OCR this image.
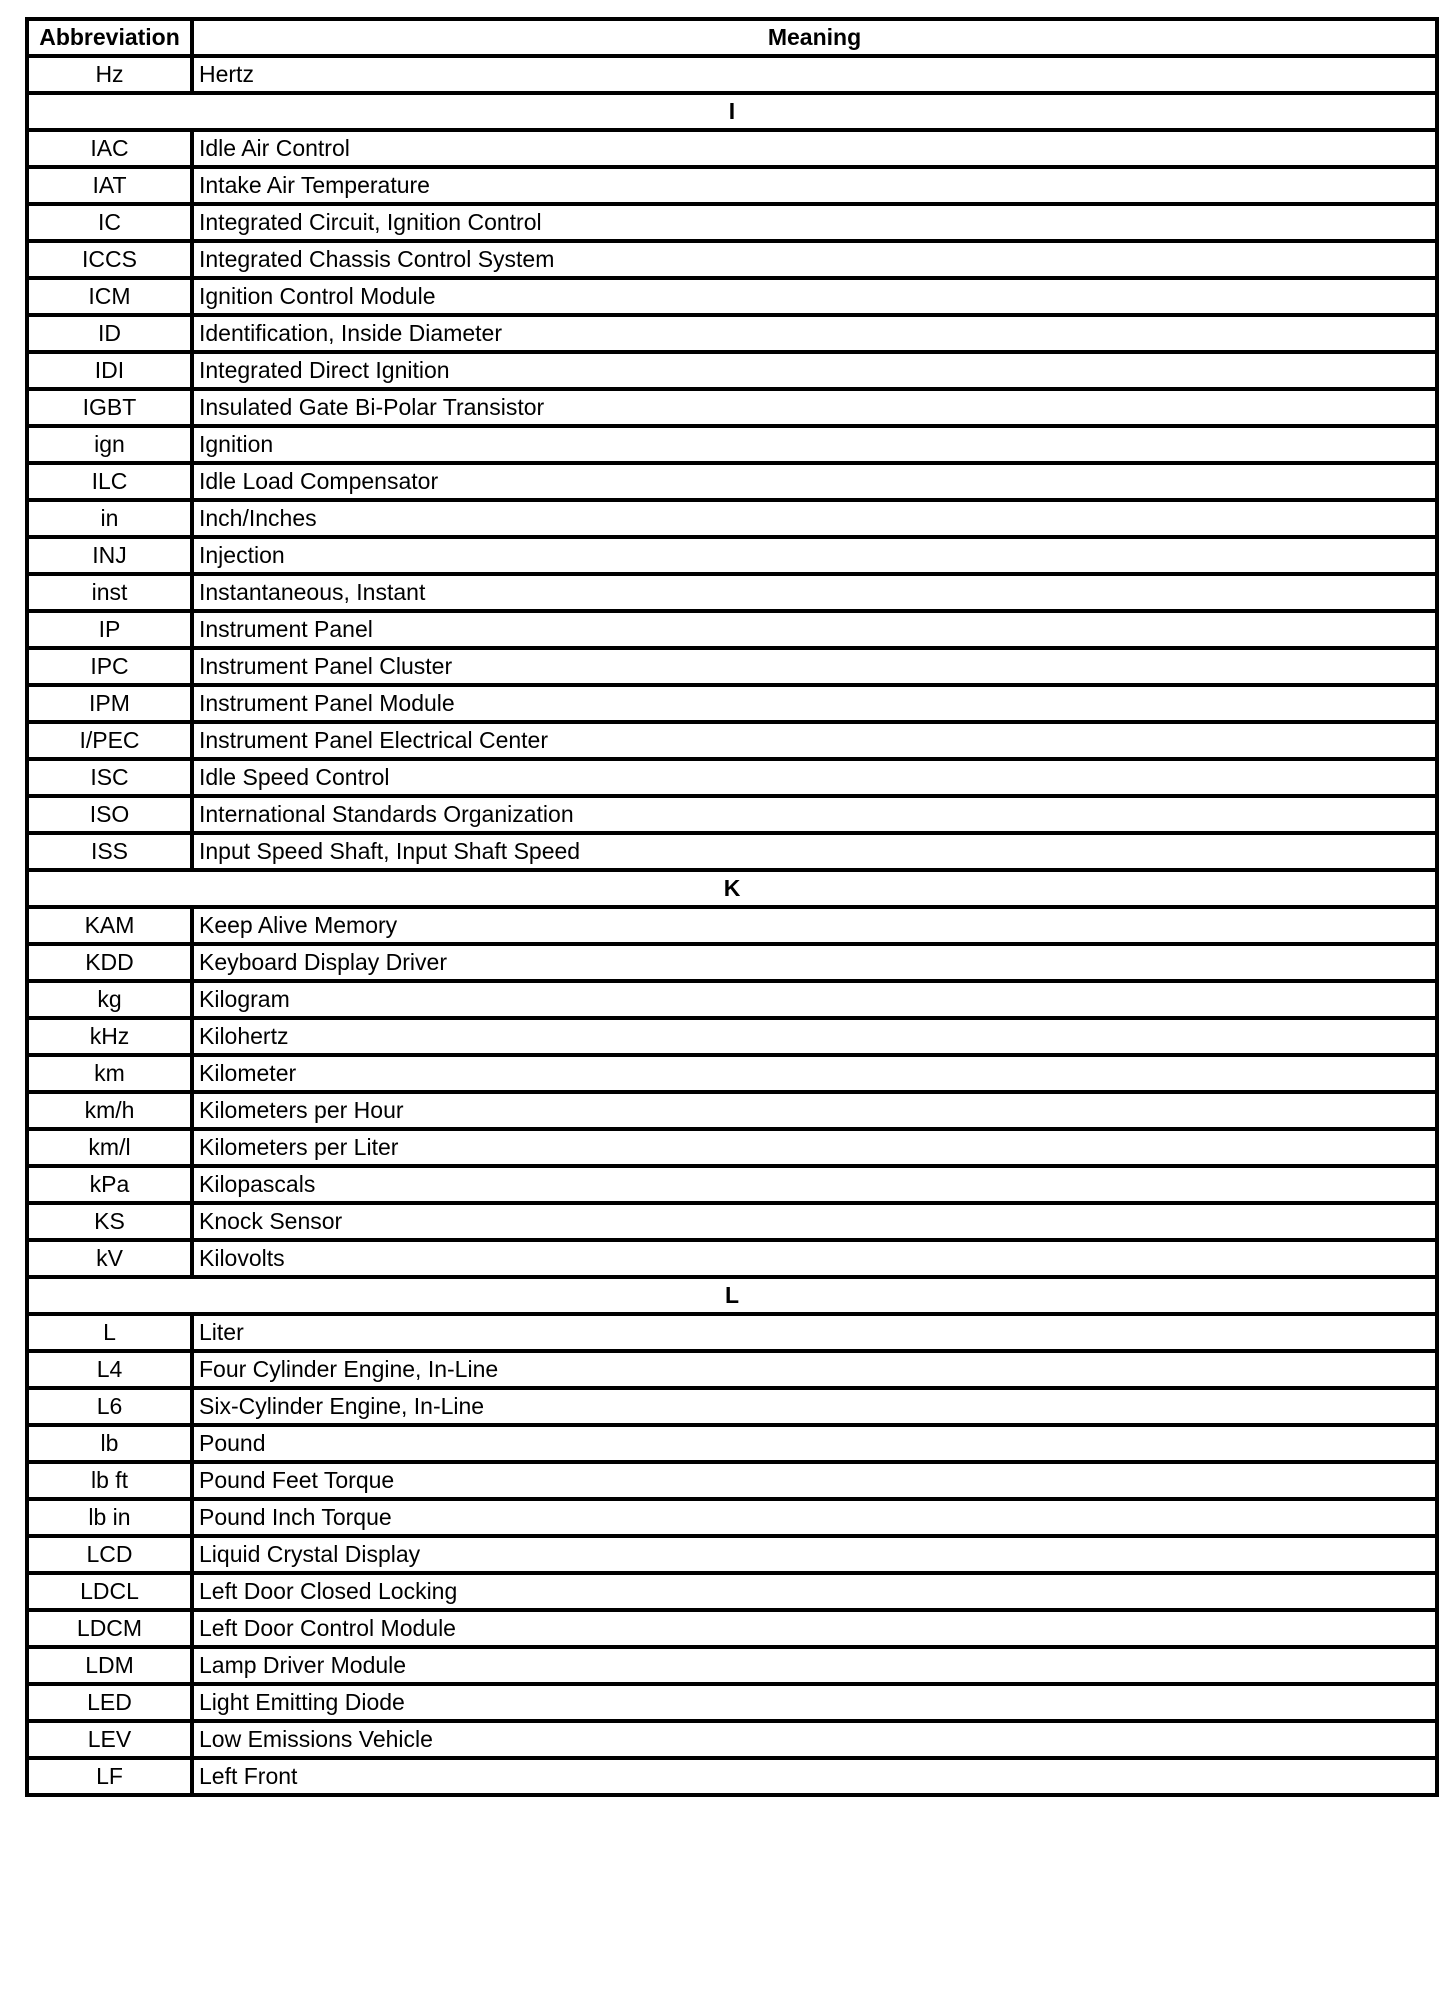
Abbreviation	Meaning
Hz	Hertz
I	
IAC	Idle Air Control
IAT	Intake Air Temperature
IC	Integrated Circuit, Ignition Control
ICCS	Integrated Chassis Control System
ICM	Ignition Control Module
ID	Identification, Inside Diameter
IDI	Integrated Direct Ignition
IGBT	Insulated Gate Bi-Polar Transistor
ign	Ignition
ILC	Idle Load Compensator
in	Inch/Inches
INJ	Injection
inst	Instantaneous, Instant
IP	Instrument Panel
IPC	Instrument Panel Cluster
IPM	Instrument Panel Module
I/PEC	Instrument Panel Electrical Center
ISC	Idle Speed Control
ISO	International Standards Organization
ISS	Input Speed Shaft, Input Shaft Speed
K	
KAM	Keep Alive Memory
KDD	Keyboard Display Driver
kg	Kilogram
kHz	Kilohertz
km	Kilometer
km/h	Kilometers per Hour
km/l	Kilometers per Liter
kPa	Kilopascals
KS	Knock Sensor
kV	Kilovolts
L	
L	Liter
L4	Four Cylinder Engine, In-Line
L6	Six-Cylinder Engine, In-Line
lb	Pound
lb ft	Pound Feet Torque
lb in	Pound Inch Torque
LCD	Liquid Crystal Display
LDCL	Left Door Closed Locking
LDCM	Left Door Control Module
LDM	Lamp Driver Module
LED	Light Emitting Diode
LEV	Low Emissions Vehicle
LF	Left Front
